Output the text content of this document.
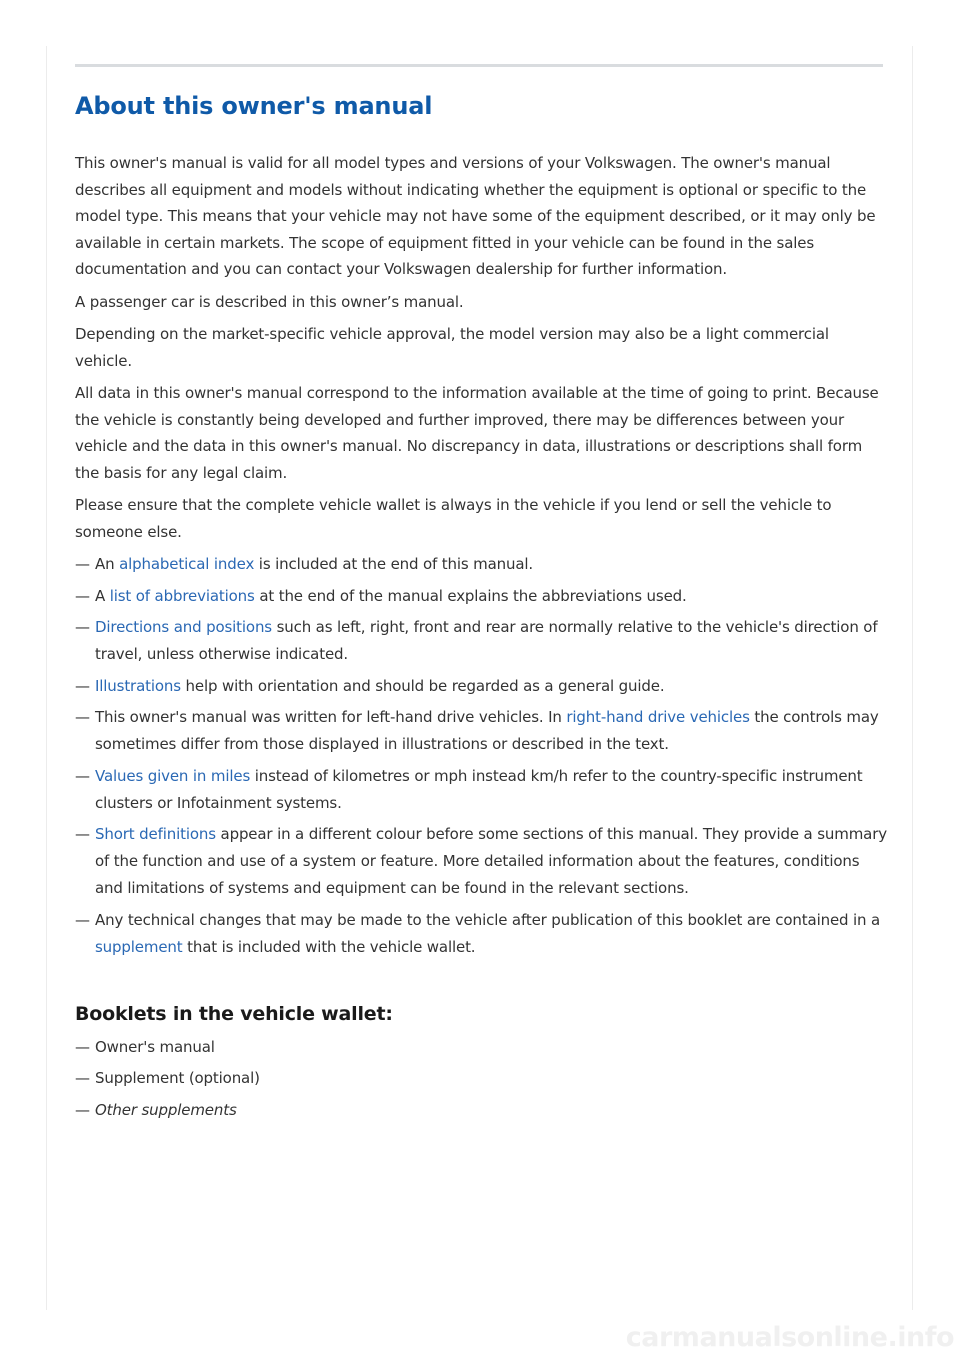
About this owner's manual

This owner's manual is valid for all model types and versions of your Volkswagen. The owner's manual describes all equipment and models without indicating whether the equipment is optional or specific to the model type. This means that your vehicle may not have some of the equipment described, or it may only be available in certain markets. The scope of equipment fitted in your vehicle can be found in the sales documentation and you can contact your Volkswagen dealership for further information.

A passenger car is described in this owner’s manual.

Depending on the market-specific vehicle approval, the model version may also be a light commercial vehicle.

All data in this owner's manual correspond to the information available at the time of going to print. Because the vehicle is constantly being developed and further improved, there may be differences between your vehicle and the data in this owner's manual. No discrepancy in data, illustrations or descriptions shall form the basis for any legal claim.

Please ensure that the complete vehicle wallet is always in the vehicle if you lend or sell the vehicle to someone else.

— An alphabetical index is included at the end of this manual.
— A list of abbreviations at the end of the manual explains the abbreviations used.
— Directions and positions such as left, right, front and rear are normally relative to the vehicle's direction of travel, unless otherwise indicated.
— Illustrations help with orientation and should be regarded as a general guide.
— This owner's manual was written for left-hand drive vehicles. In right-hand drive vehicles the controls may sometimes differ from those displayed in illustrations or described in the text.
— Values given in miles instead of kilometres or mph instead km/h refer to the country-specific instrument clusters or Infotainment systems.
— Short definitions appear in a different colour before some sections of this manual. They provide a summary of the function and use of a system or feature. More detailed information about the features, conditions and limitations of systems and equipment can be found in the relevant sections.
— Any technical changes that may be made to the vehicle after publication of this booklet are contained in a supplement that is included with the vehicle wallet.
Booklets in the vehicle wallet:
— Owner's manual
— Supplement (optional)
— Other supplements
carmanualsonline.info
